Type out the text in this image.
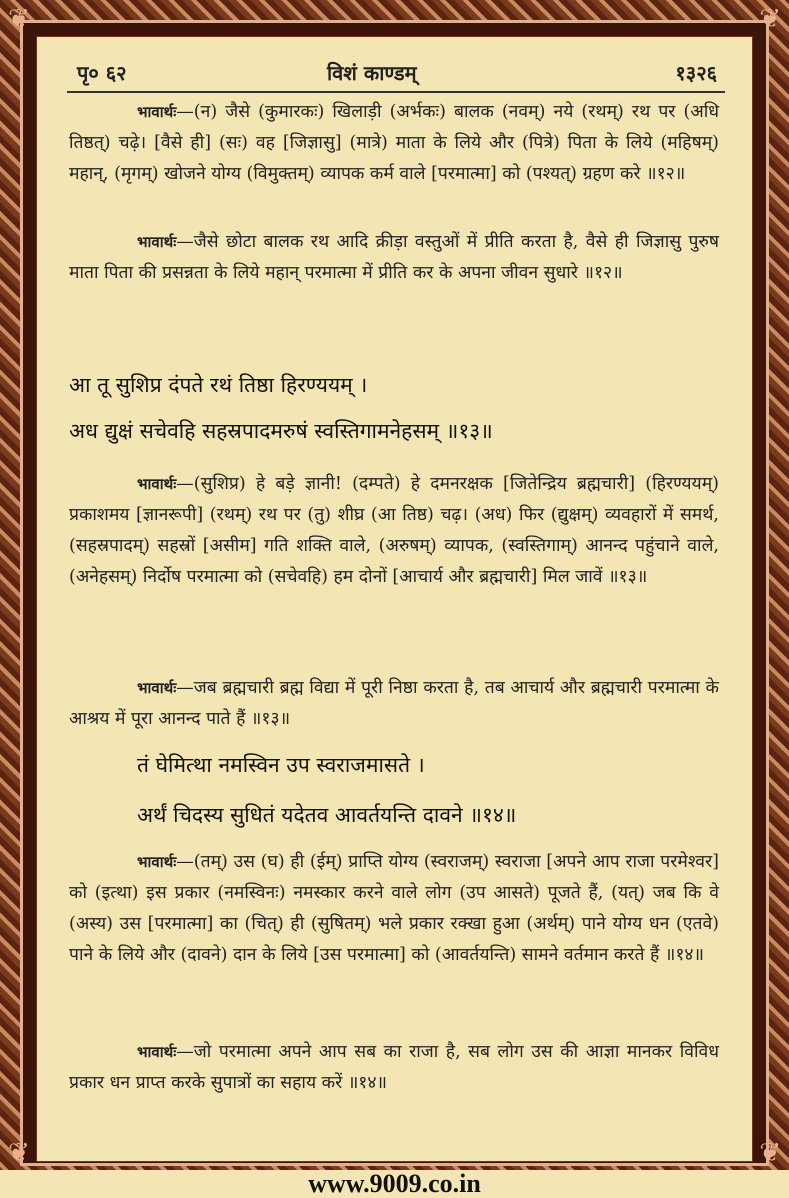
❦	❦
❦	❦
पृ० ६२	विशं काण्डम्	१३२६
भावार्थः—(न) जैसे (कुमारकः) खिलाड़ी (अर्भकः) बालक (नवम्) नये (रथम्) रथ पर (अधि तिष्ठत्) चढ़े। [वैसे ही] (सः) वह [जिज्ञासु] (मात्रे) माता के लिये और (पित्रे) पिता के लिये (महिषम्) महान्, (मृगम्) खोजने योग्य (विमुक्तम्) व्यापक कर्म वाले [परमात्मा] को (पश्यत्) ग्रहण करे ॥१२॥
भावार्थः—जैसे छोटा बालक रथ आदि क्रीड़ा वस्तुओं में प्रीति करता है, वैसे ही जिज्ञासु पुरुष माता पिता की प्रसन्नता के लिये महान् परमात्मा में प्रीति कर के अपना जीवन सुधारे ॥१२॥
आ तू सुशिप्र दंपते रथं तिष्ठा हिरण्ययम् ।
अध द्युक्षं सचेवहि सहस्रपादमरुषं स्वस्तिगामनेहसम् ॥१३॥
भावार्थः—(सुशिप्र) हे बड़े ज्ञानी! (दम्पते) हे दमनरक्षक [जितेन्द्रिय ब्रह्मचारी] (हिरण्ययम्) प्रकाशमय [ज्ञानरूपी] (रथम्) रथ पर (तु) शीघ्र (आ तिष्ठ) चढ़। (अध) फिर (द्युक्षम्) व्यवहारों में समर्थ, (सहस्रपादम्) सहस्रों [असीम] गति शक्ति वाले, (अरुषम्) व्यापक, (स्वस्तिगाम्) आनन्द पहुंचाने वाले, (अनेहसम्) निर्दोष परमात्मा को (सचेवहि) हम दोनों [आचार्य और ब्रह्मचारी] मिल जावें ॥१३॥
भावार्थः—जब ब्रह्मचारी ब्रह्म विद्या में पूरी निष्ठा करता है, तब आचार्य और ब्रह्मचारी परमात्मा के आश्रय में पूरा आनन्द पाते हैं ॥१३॥
तं घेमित्था नमस्विन उप स्वराजमासते ।
अर्थं चिदस्य सुधितं यदेतव आवर्तयन्ति दावने ॥१४॥
भावार्थः—(तम्) उस (घ) ही (ईम्) प्राप्ति योग्य (स्वराजम्) स्वराजा [अपने आप राजा परमेश्वर] को (इत्था) इस प्रकार (नमस्विनः) नमस्कार करने वाले लोग (उप आसते) पूजते हैं, (यत्) जब कि वे (अस्य) उस [परमात्मा] का (चित्) ही (सुषितम्) भले प्रकार रक्खा हुआ (अर्थम्) पाने योग्य धन (एतवे) पाने के लिये और (दावने) दान के लिये [उस परमात्मा] को (आवर्तयन्ति) सामने वर्तमान करते हैं ॥१४॥
भावार्थः—जो परमात्मा अपने आप सब का राजा है, सब लोग उस की आज्ञा मानकर विविध प्रकार धन प्राप्त करके सुपात्रों का सहाय करें ॥१४॥
www.9009.co.in
